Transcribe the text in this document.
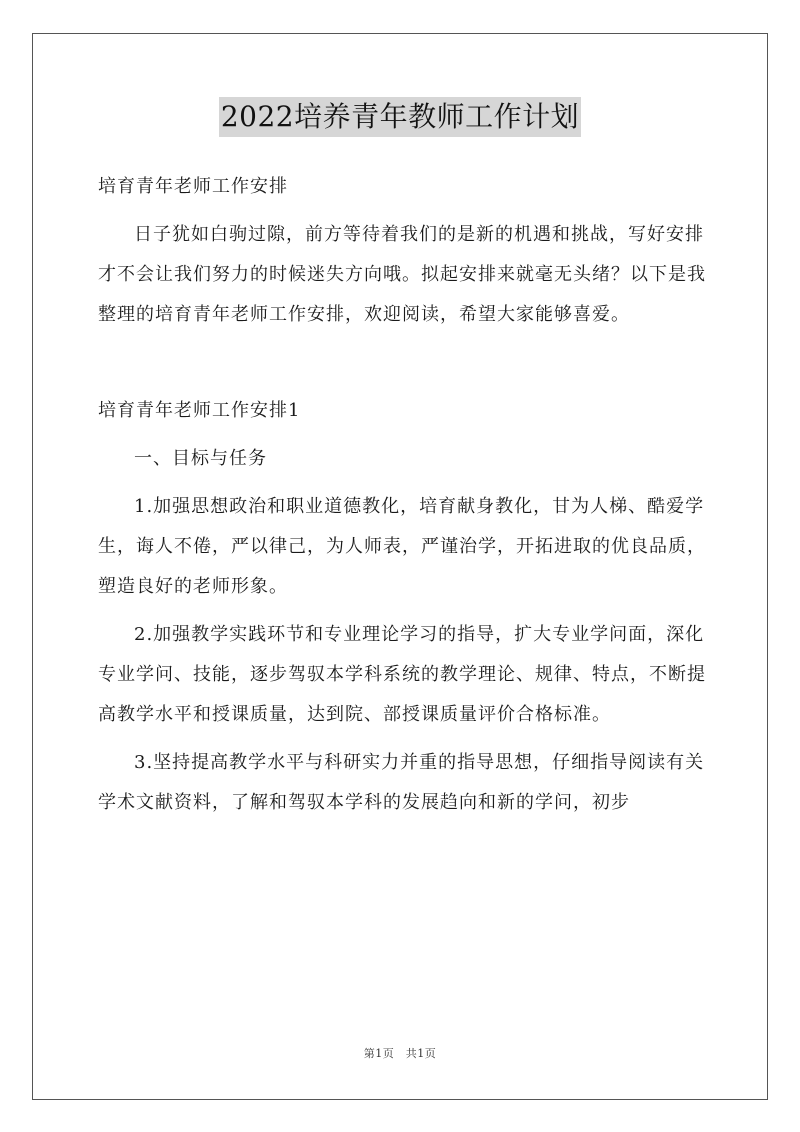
2022培养青年教师工作计划

培育青年老师工作安排

日子犹如白驹过隙，前方等待着我们的是新的机遇和挑战，写好安排才不会让我们努力的时候迷失方向哦。拟起安排来就毫无头绪？以下是我整理的培育青年老师工作安排，欢迎阅读，希望大家能够喜爱。

培育青年老师工作安排1

一、目标与任务

1.加强思想政治和职业道德教化，培育献身教化，甘为人梯、酷爱学生，诲人不倦，严以律己，为人师表，严谨治学，开拓进取的优良品质，塑造良好的老师形象。

2.加强教学实践环节和专业理论学习的指导，扩大专业学问面，深化专业学问、技能，逐步驾驭本学科系统的教学理论、规律、特点，不断提高教学水平和授课质量，达到院、部授课质量评价合格标准。

3.坚持提高教学水平与科研实力并重的指导思想，仔细指导阅读有关学术文献资料，了解和驾驭本学科的发展趋向和新的学问，初步

第1页　共1页
